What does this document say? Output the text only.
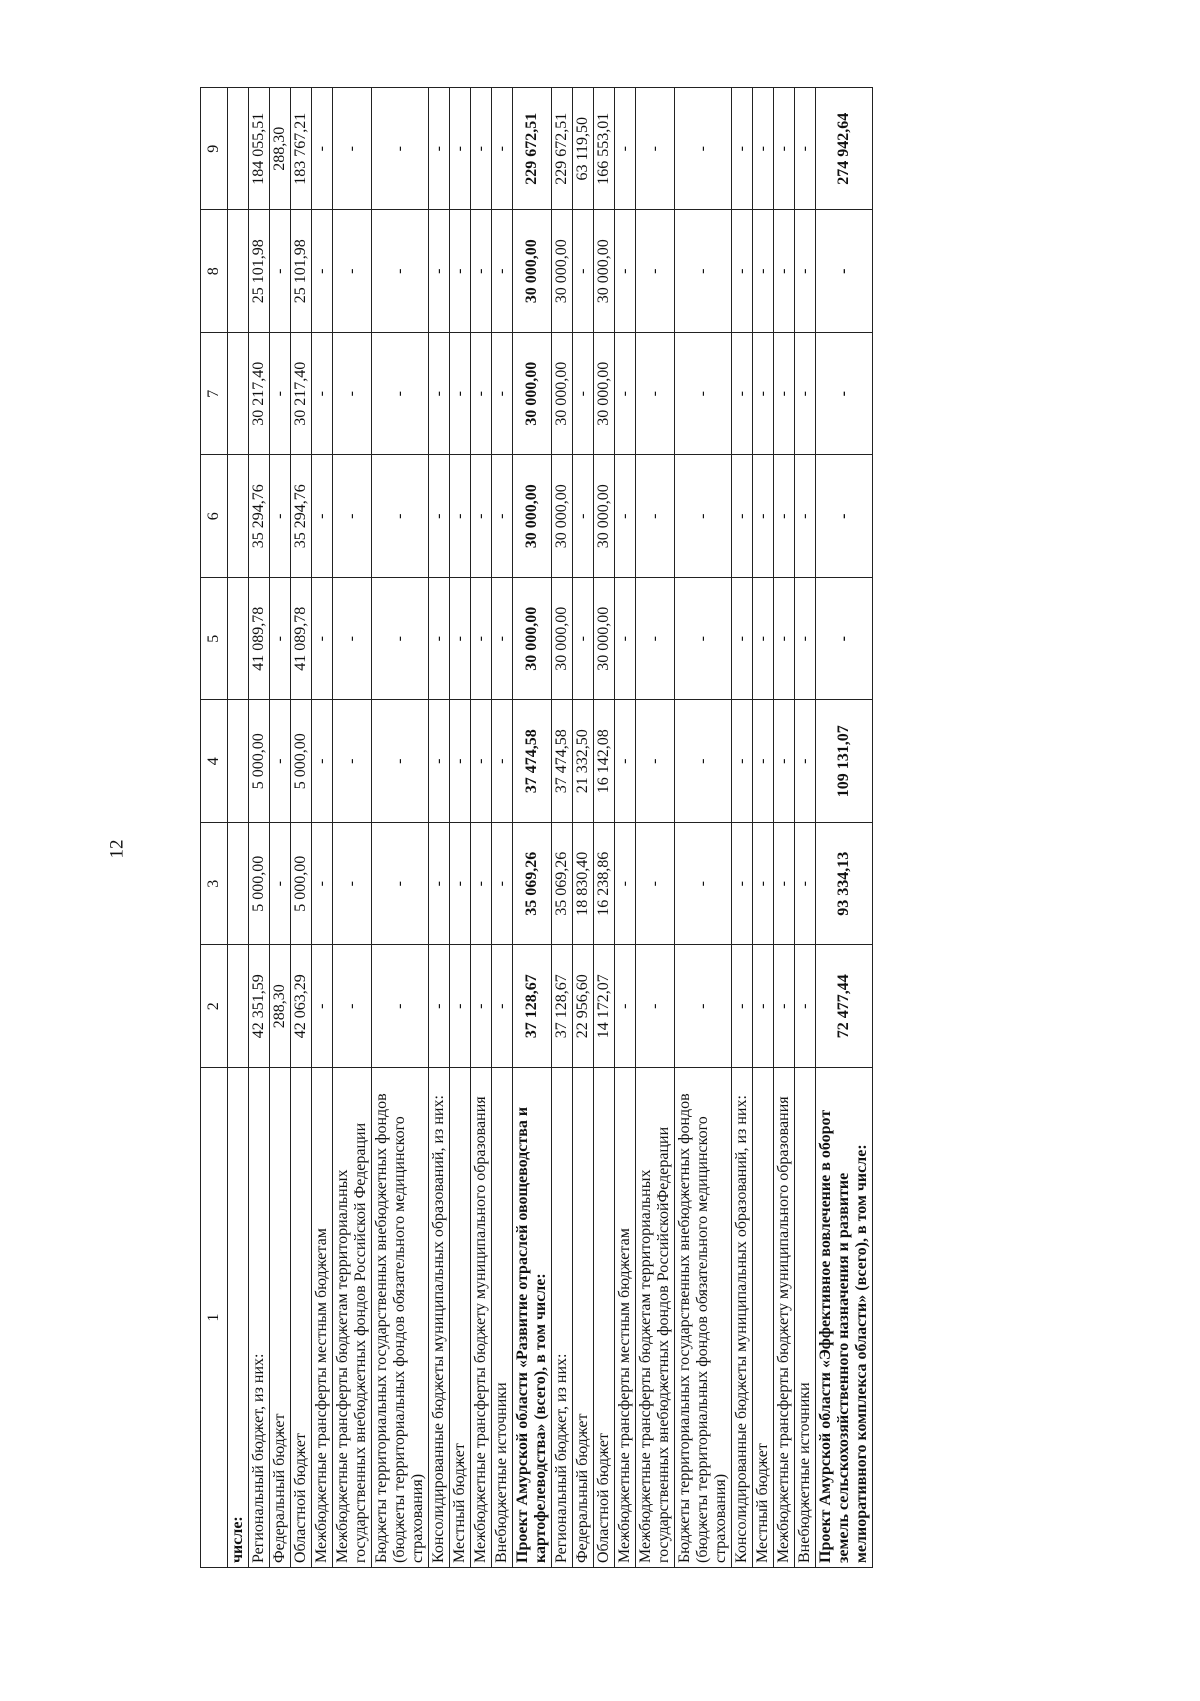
12
1	2	3	4	5	6	7	8	9
числе:								
Региональный бюджет, из них:	42 351,59	5 000,00	5 000,00	41 089,78	35 294,76	30 217,40	25 101,98	184 055,51
Федеральный бюджет	288,30	-	-	-	-	-	-	288,30
Областной бюджет	42 063,29	5 000,00	5 000,00	41 089,78	35 294,76	30 217,40	25 101,98	183 767,21
Межбюджетные трансферты местным бюджетам	-	-	-	-	-	-	-	-
Межбюджетные трансферты бюджетам территориальных государственных внебюджетных фондов Российской Федерации	-	-	-	-	-	-	-	-
Бюджеты территориальных государственных внебюджетных фондов (бюджеты территориальных фондов обязательного медицинского страхования)	-	-	-	-	-	-	-	-
Консолидированные бюджеты муниципальных образований, из них:	-	-	-	-	-	-	-	-
Местный бюджет	-	-	-	-	-	-	-	-
Межбюджетные трансферты бюджету муниципального образования	-	-	-	-	-	-	-	-
Внебюджетные источники	-	-	-	-	-	-	-	-
Проект Амурской области «Развитие отраслей овощеводства и картофелеводства» (всего), в том числе:	37 128,67	35 069,26	37 474,58	30 000,00	30 000,00	30 000,00	30 000,00	229 672,51
Региональный бюджет, из них:	37 128,67	35 069,26	37 474,58	30 000,00	30 000,00	30 000,00	30 000,00	229 672,51
Федеральный бюджет	22 956,60	18 830,40	21 332,50	-	-	-	-	63 119,50
Областной бюджет	14 172,07	16 238,86	16 142,08	30 000,00	30 000,00	30 000,00	30 000,00	166 553,01
Межбюджетные трансферты местным бюджетам	-	-	-	-	-	-	-	-
Межбюджетные трансферты бюджетам территориальных государственных внебюджетных фондов РоссийскойФедерации	-	-	-	-	-	-	-	-
Бюджеты территориальных государственных внебюджетных фондов (бюджеты территориальных фондов обязательного медицинского страхования)	-	-	-	-	-	-	-	-
Консолидированные бюджеты муниципальных образований, из них:	-	-	-	-	-	-	-	-
Местный бюджет	-	-	-	-	-	-	-	-
Межбюджетные трансферты бюджету муниципального образования	-	-	-	-	-	-	-	-
Внебюджетные источники	-	-	-	-	-	-	-	-
Проект Амурской области «Эффективное вовлечение в оборот земель сельскохозяйственного назначения и развитие мелиоративного комплекса области» (всего), в том числе:	72 477,44	93 334,13	109 131,07	-	-	-	-	274 942,64
